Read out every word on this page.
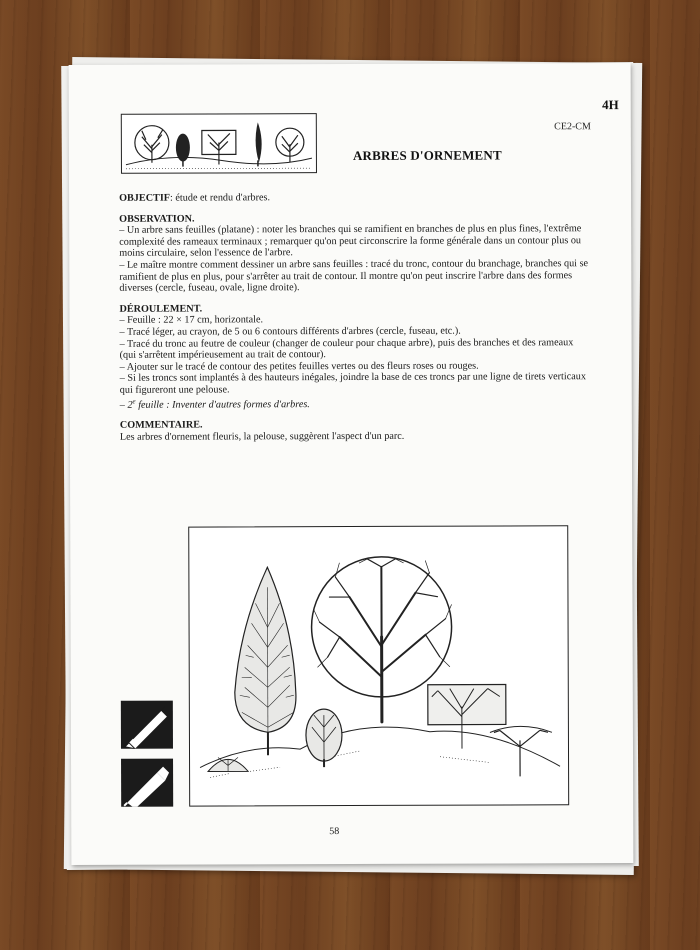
4H
CE2-CM
ARBRES D'ORNEMENT

OBJECTIF: étude et rendu d'arbres.

OBSERVATION.

– Un arbre sans feuilles (platane) : noter les branches qui se ramifient en branches de plus en plus fines, l'extrême complexité des rameaux terminaux ; remarquer qu'on peut circonscrire la forme générale dans un contour plus ou moins circulaire, selon l'essence de l'arbre.

– Le maître montre comment dessiner un arbre sans feuilles : tracé du tronc, contour du branchage, branches qui se ramifient de plus en plus, pour s'arrêter au trait de contour. Il montre qu'on peut inscrire l'arbre dans des formes diverses (cercle, fuseau, ovale, ligne droite).

DÉROULEMENT.

– Feuille : 22 × 17 cm, horizontale.

– Tracé léger, au crayon, de 5 ou 6 contours différents d'arbres (cercle, fuseau, etc.).

– Tracé du tronc au feutre de couleur (changer de couleur pour chaque arbre), puis des branches et des rameaux (qui s'arrêtent impérieusement au trait de contour).

– Ajouter sur le tracé de contour des petites feuilles vertes ou des fleurs roses ou rouges.

– Si les troncs sont implantés à des hauteurs inégales, joindre la base de ces troncs par une ligne de tirets verticaux qui figureront une pelouse.

– 2e feuille : Inventer d'autres formes d'arbres.

COMMENTAIRE.

Les arbres d'ornement fleuris, la pelouse, suggèrent l'aspect d'un parc.

58
